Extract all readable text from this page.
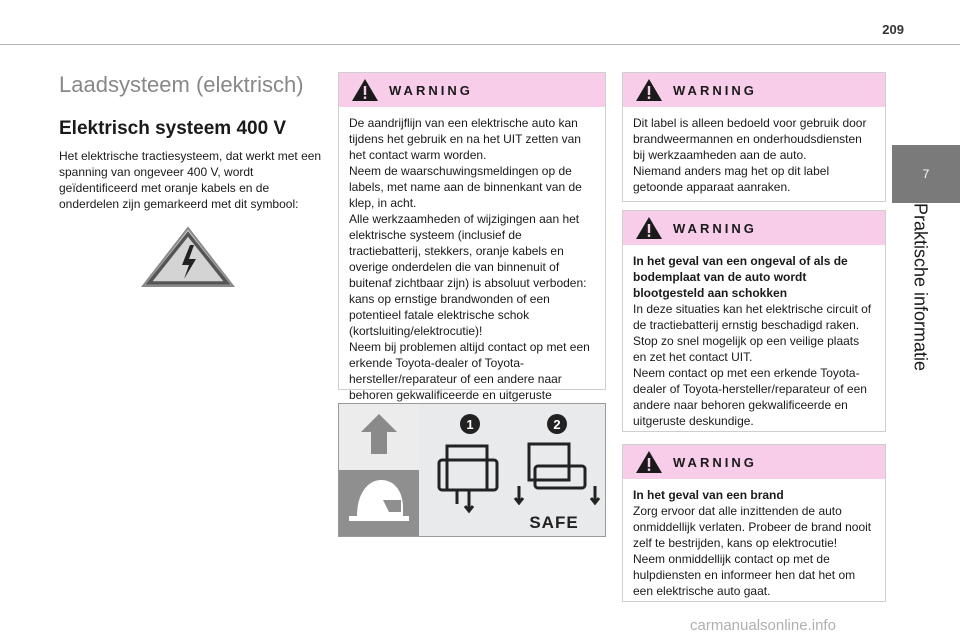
209
7
Praktische informatie
Laadsysteem (elektrisch)
Elektrisch systeem 400 V

Het elektrische tractiesysteem, dat werkt met een spanning van ongeveer 400 V, wordt geïdentificeerd met oranje kabels en de onderdelen zijn gemarkeerd met dit symbool:

WARNING

De aandrijflijn van een elektrische auto kan tijdens het gebruik en na het UIT zetten van het contact warm worden.

Neem de waarschuwingsmeldingen op de labels, met name aan de binnenkant van de klep, in acht.

Alle werkzaamheden of wijzigingen aan het elektrische systeem (inclusief de tractiebatterij, stekkers, oranje kabels en overige onderdelen die van binnenuit of buitenaf zichtbaar zijn) is absoluut verboden: kans op ernstige brandwonden of een potentieel fatale elektrische schok (kortsluiting/elektrocutie)!

Neem bij problemen altijd contact op met een erkende Toyota-dealer of Toyota-hersteller/reparateur of een andere naar behoren gekwalificeerde en uitgeruste

1	2
SAFE
WARNING

Dit label is alleen bedoeld voor gebruik door brandweermannen en onderhoudsdiensten bij werkzaamheden aan de auto.

Niemand anders mag het op dit label getoonde apparaat aanraken.

WARNING

In het geval van een ongeval of als de bodemplaat van de auto wordt blootgesteld aan schokken

In deze situaties kan het elektrische circuit of de tractiebatterij ernstig beschadigd raken.

Stop zo snel mogelijk op een veilige plaats en zet het contact UIT.

Neem contact op met een erkende Toyota-dealer of Toyota-hersteller/reparateur of een andere naar behoren gekwalificeerde en uitgeruste deskundige.

WARNING

In het geval van een brand

Zorg ervoor dat alle inzittenden de auto onmiddellijk verlaten. Probeer de brand nooit zelf te bestrijden, kans op elektrocutie!

Neem onmiddellijk contact op met de hulpdiensten en informeer hen dat het om een elektrische auto gaat.

carmanualsonline.info
